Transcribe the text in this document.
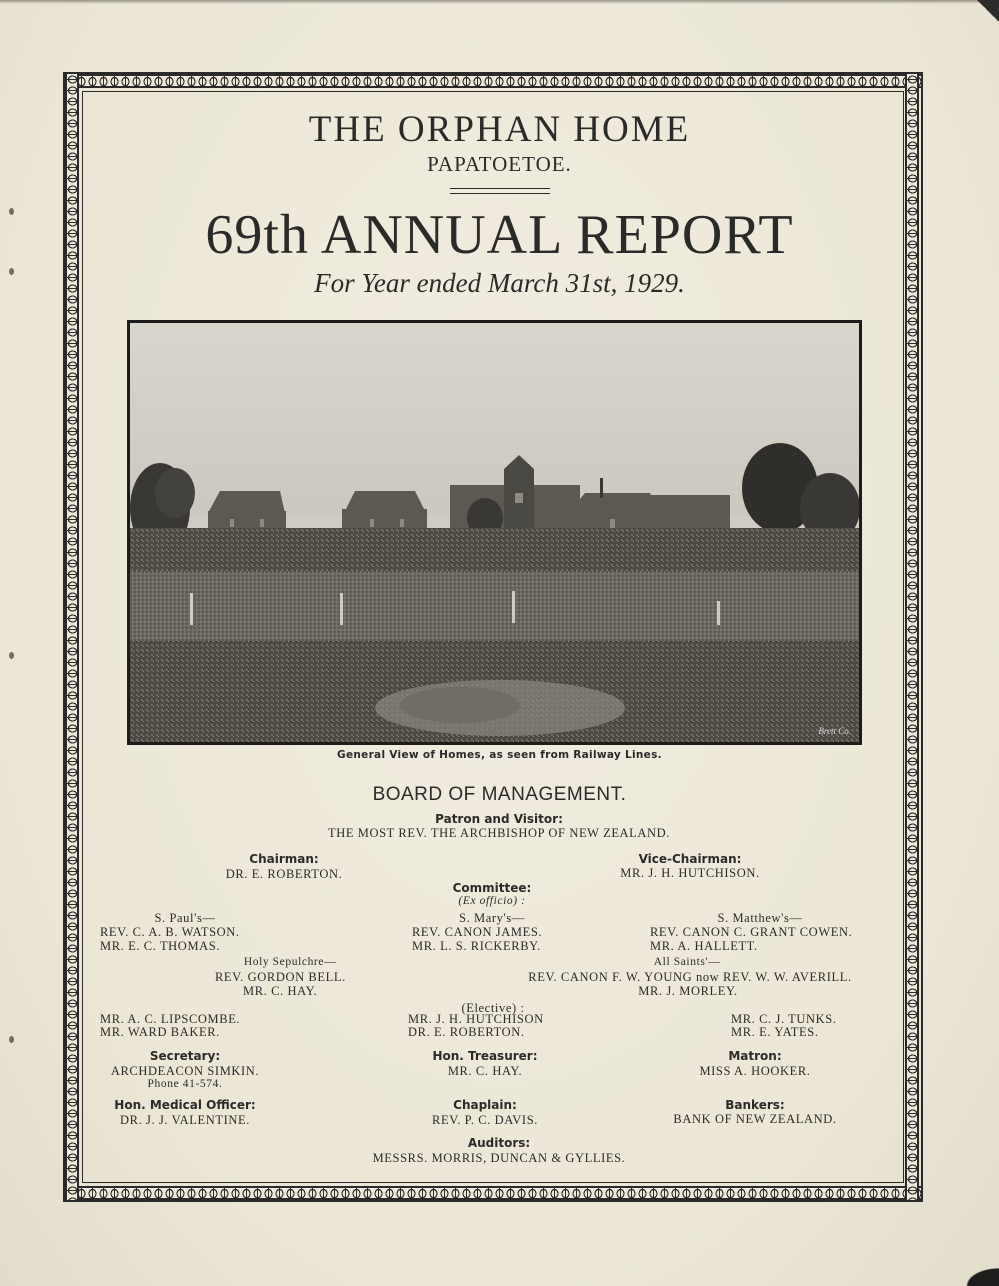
THE ORPHAN HOME
PAPATOETOE.
69th ANNUAL REPORT
For Year ended March 31st, 1929.
Brett Co.
General View of Homes, as seen from Railway Lines.
BOARD OF MANAGEMENT.
Patron and Visitor:
THE MOST REV. THE ARCHBISHOP OF NEW ZEALAND.
Chairman:
DR. E. ROBERTON.
Vice-Chairman:
MR. J. H. HUTCHISON.
Committee:
(Ex officio) :
S. Paul's—
REV. C. A. B. WATSON.
MR. E. C. THOMAS.
S. Mary's—
REV. CANON JAMES.
MR. L. S. RICKERBY.
S. Matthew's—
REV. CANON C. GRANT COWEN.
MR. A. HALLETT.
Holy Sepulchre—
REV. GORDON BELL.
MR. C. HAY.
All Saints'—
REV. CANON F. W. YOUNG now REV. W. W. AVERILL.
MR. J. MORLEY.
(Elective) :
MR. A. C. LIPSCOMBE.
MR. WARD BAKER.
MR. J. H. HUTCHISON
DR. E. ROBERTON.
MR. C. J. TUNKS.
MR. E. YATES.
Secretary:
ARCHDEACON SIMKIN.
Phone 41-574.
Hon. Treasurer:
MR. C. HAY.
Matron:
MISS A. HOOKER.
Hon. Medical Officer:
DR. J. J. VALENTINE.
Chaplain:
REV. P. C. DAVIS.
Bankers:
BANK OF NEW ZEALAND.
Auditors:
MESSRS. MORRIS, DUNCAN & GYLLIES.
